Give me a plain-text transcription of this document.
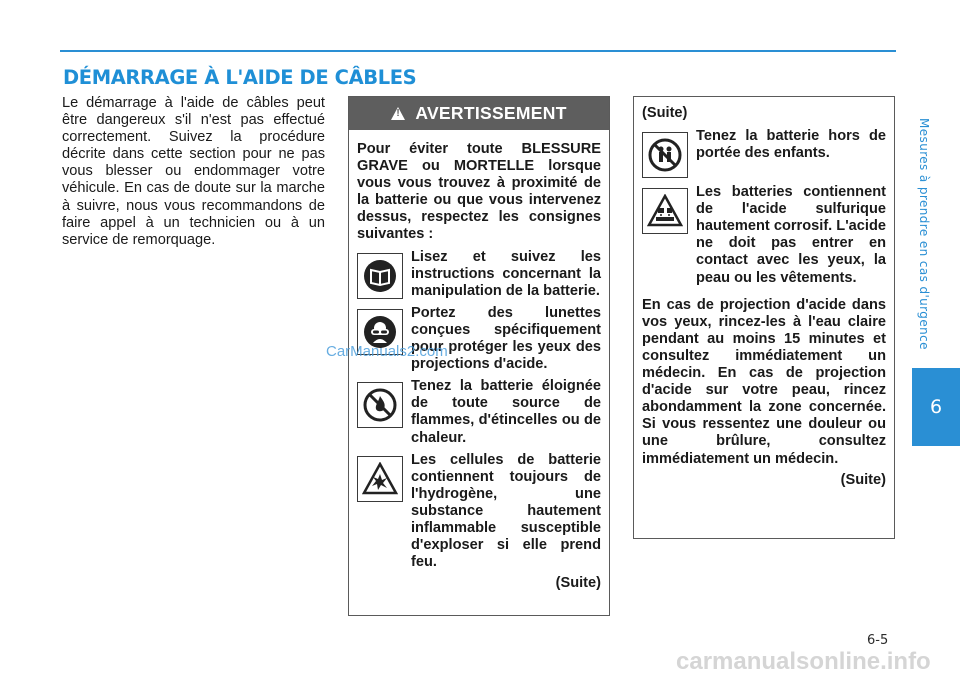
DÉMARRAGE À L'AIDE DE CÂBLES
Mesures à prendre en cas d'urgence
6

Le démarrage à l'aide de câbles peut être dangereux s'il n'est pas effectué correctement. Suivez la procédure décrite dans cette section pour ne pas vous blesser ou endommager votre véhicule. En cas de doute sur la marche à suivre, nous vous recommandons de faire appel à un technicien ou à un service de remorquage.

!
AVERTISSEMENT

Pour éviter toute BLESSURE GRAVE ou MORTELLE lorsque vous vous trouvez à proximité de la batterie ou que vous intervenez dessus, respectez les consignes suivantes :

Lisez et suivez les instructions concernant la manipulation de la batterie.
Portez des lunettes conçues spécifiquement pour protéger les yeux des projections d'acide.
Tenez la batterie éloignée de toute source de flammes, d'étincelles ou de chaleur.
Les cellules de batterie contiennent toujours de l'hydrogène, une substance hautement inflammable susceptible d'exploser si elle prend feu.
(Suite)
(Suite)
Tenez la batterie hors de portée des enfants.
Les batteries contiennent de l'acide sulfurique hautement corrosif. L'acide ne doit pas entrer en contact avec les yeux, la peau ou les vêtements.

En cas de projection d'acide dans vos yeux, rincez-les à l'eau claire pendant au moins 15 minutes et consultez immédiatement un médecin. En cas de projection d'acide sur votre peau, rincez abondamment la zone concernée. Si vous ressentez une douleur ou une brûlure, consultez immédiatement un médecin.

(Suite)
CarManuals2.com
6-5
carmanualsonline.info
